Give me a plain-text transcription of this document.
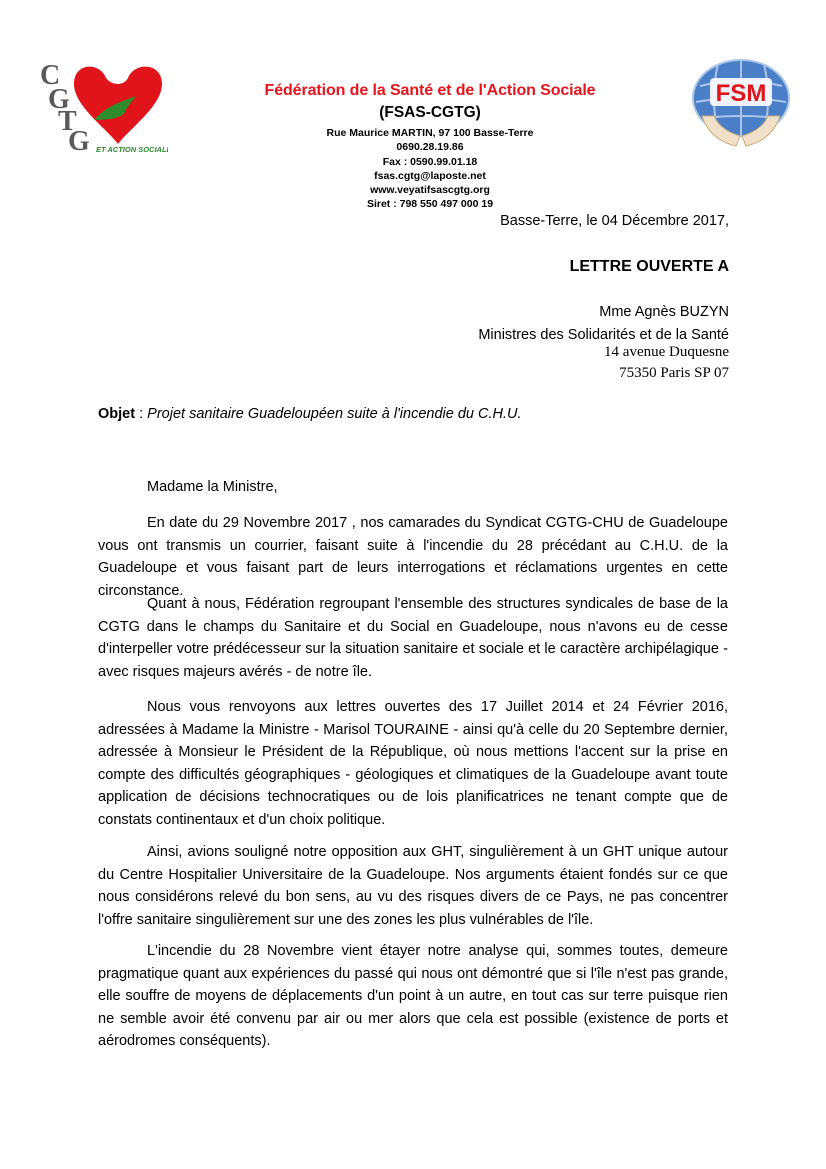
C
G
T
G ET ACTION SOCIALE
FSM
Fédération de la Santé et de l'Action Sociale
(FSAS-CGTG)
Rue Maurice MARTIN, 97 100 Basse-Terre
0690.28.19.86
Fax : 0590.99.01.18
fsas.cgtg@laposte.net
www.veyatifsascgtg.org
Siret : 798 550 497 000 19
Basse-Terre, le 04 Décembre 2017,
LETTRE OUVERTE A
Mme Agnès BUZYN
Ministres des Solidarités et de la Santé
14 avenue Duquesne
75350 Paris SP 07
Objet : Projet sanitaire Guadeloupéen suite à l'incendie du C.H.U.
Madame la Ministre,

En date du 29 Novembre 2017 , nos camarades du Syndicat CGTG-CHU de Guadeloupe vous ont transmis un courrier, faisant suite à l'incendie du 28 précédant au C.H.U. de la Guadeloupe et vous faisant part de leurs interrogations et réclamations urgentes en cette circonstance.

Quant à nous, Fédération regroupant l'ensemble des structures syndicales de base de la CGTG dans le champs du Sanitaire et du Social en Guadeloupe, nous n'avons eu de cesse d'interpeller votre prédécesseur sur la situation sanitaire et sociale et le caractère archipélagique - avec risques majeurs avérés - de notre île.

Nous vous renvoyons aux lettres ouvertes des 17 Juillet 2014 et 24 Février 2016, adressées à Madame la Ministre - Marisol TOURAINE - ainsi qu'à celle du 20 Septembre dernier, adressée à Monsieur le Président de la République, où nous mettions l'accent sur la prise en compte des difficultés géographiques - géologiques et climatiques de la Guadeloupe avant toute application de décisions technocratiques ou de lois planificatrices ne tenant compte que de constats continentaux et d'un choix politique.

Ainsi, avions souligné notre opposition aux GHT, singulièrement à un GHT unique autour du Centre Hospitalier Universitaire de la Guadeloupe. Nos arguments étaient fondés sur ce que nous considérons relevé du bon sens, au vu des risques divers de ce Pays, ne pas concentrer l'offre sanitaire singulièrement sur une des zones les plus vulnérables de l'île.

L'incendie du 28 Novembre vient étayer notre analyse qui, sommes toutes, demeure pragmatique quant aux expériences du passé qui nous ont démontré que si l'île n'est pas grande, elle souffre de moyens de déplacements d'un point à un autre, en tout cas sur terre puisque rien ne semble avoir été convenu par air ou mer alors que cela est possible (existence de ports et aérodromes conséquents).
